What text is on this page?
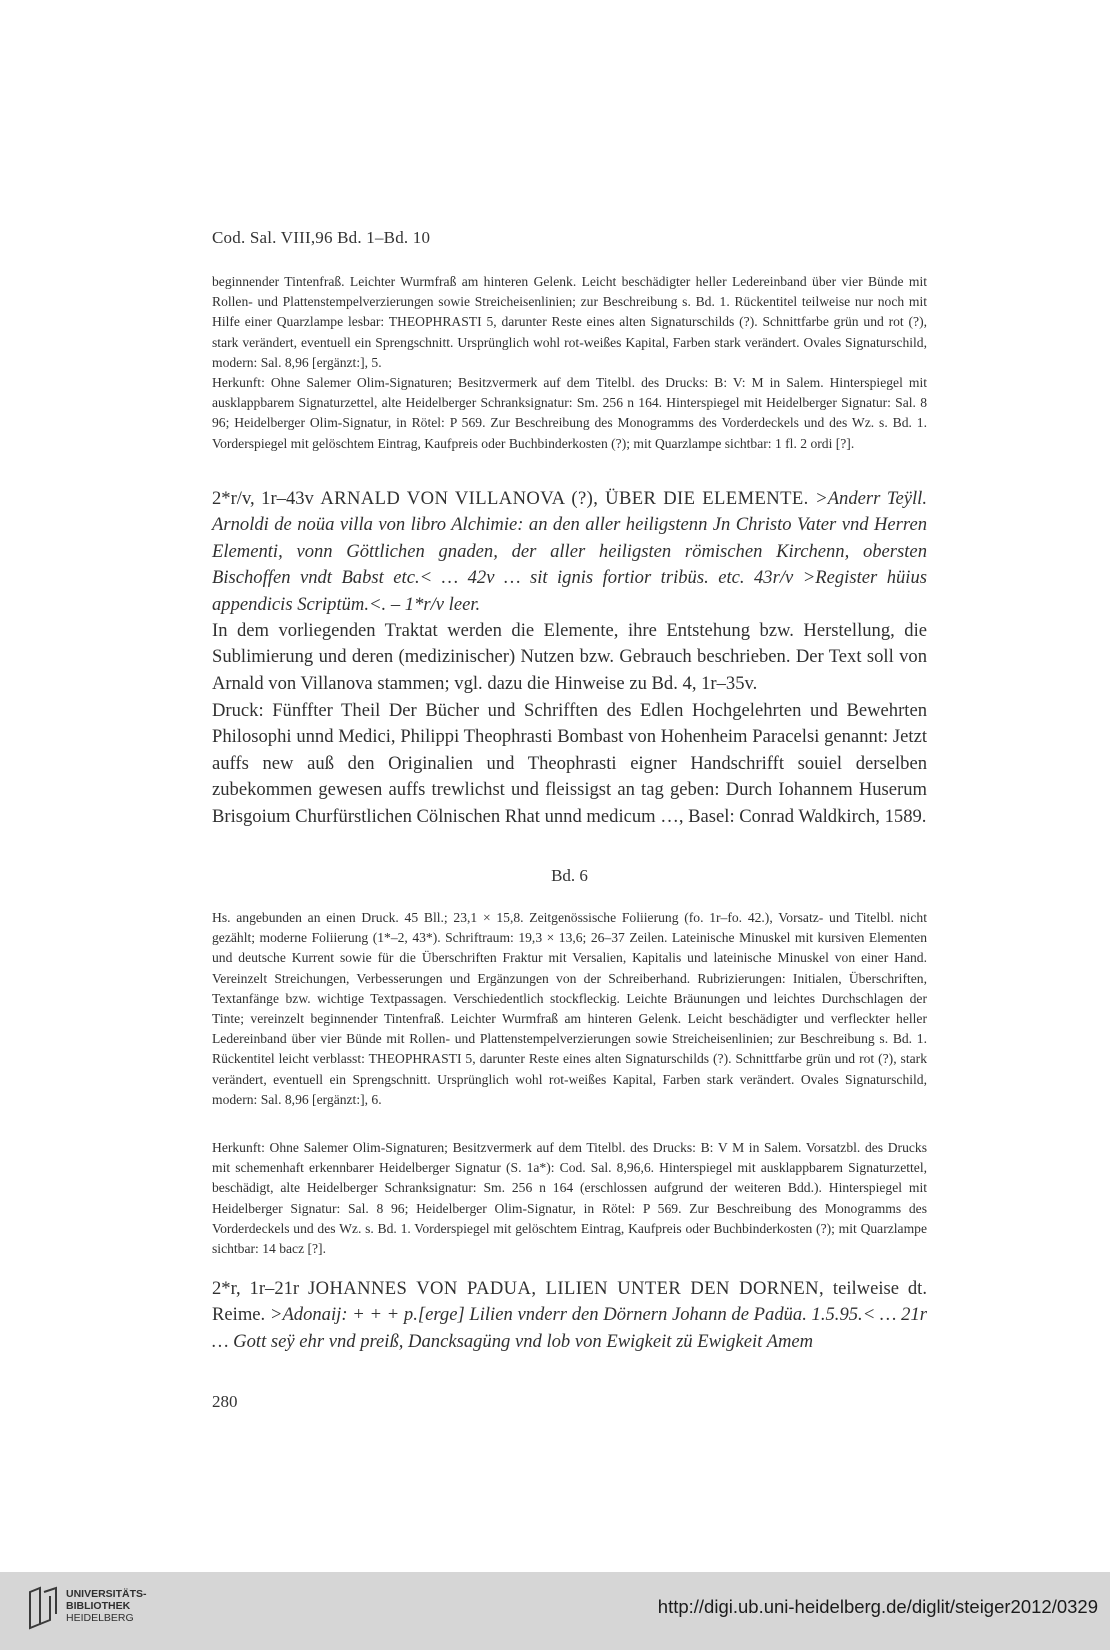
Cod. Sal. VIII,96 Bd. 1–Bd. 10

beginnender Tintenfraß. Leichter Wurmfraß am hinteren Gelenk. Leicht beschädigter heller Ledereinband über vier Bünde mit Rollen- und Plattenstempelverzierungen sowie Streicheisenlinien; zur Beschreibung s. Bd. 1. Rückentitel teilweise nur noch mit Hilfe einer Quarzlampe lesbar: THEOPHRASTI 5, darunter Reste eines alten Signaturschilds (?). Schnittfarbe grün und rot (?), stark verändert, eventuell ein Sprengschnitt. Ursprünglich wohl rot-weißes Kapital, Farben stark verändert. Ovales Signaturschild, modern: Sal. 8,96 [ergänzt:], 5.

Herkunft: Ohne Salemer Olim-Signaturen; Besitzvermerk auf dem Titelbl. des Drucks: B: V: M in Salem. Hinterspiegel mit ausklappbarem Signaturzettel, alte Heidelberger Schranksignatur: Sm. 256 n 164. Hinterspiegel mit Heidelberger Signatur: Sal. 8 96; Heidelberger Olim-Signatur, in Rötel: P 569. Zur Beschreibung des Monogramms des Vorderdeckels und des Wz. s. Bd. 1. Vorderspiegel mit gelöschtem Eintrag, Kaufpreis oder Buchbinderkosten (?); mit Quarzlampe sichtbar: 1 fl. 2 ordi [?].

2*r/v, 1r–43v ARNALD VON VILLANOVA (?), ÜBER DIE ELEMENTE. >Anderr Teÿll. Arnoldi de noüa villa von libro Alchimie: an den aller heiligstenn Jn Christo Vater vnd Herren Elementi, vonn Göttlichen gnaden, der aller heiligsten römischen Kirchenn, obersten Bischoffen vndt Babst etc.< … 42v … sit ignis fortior tribüs. etc. 43r/v >Register hüius appendicis Scriptüm.<. – 1*r/v leer.

In dem vorliegenden Traktat werden die Elemente, ihre Entstehung bzw. Herstellung, die Sublimierung und deren (medizinischer) Nutzen bzw. Gebrauch beschrieben. Der Text soll von Arnald von Villanova stammen; vgl. dazu die Hinweise zu Bd. 4, 1r–35v.

Druck: Fünffter Theil Der Bücher und Schrifften des Edlen Hochgelehrten und Bewehrten Philosophi unnd Medici, Philippi Theophrasti Bombast von Hohenheim Paracelsi genannt: Jetzt auffs new auß den Originalien und Theophrasti eigner Handschrifft souiel derselben zubekommen gewesen auffs trewlichst und fleissigst an tag geben: Durch Iohannem Huserum Brisgoium Churfürstlichen Cölnischen Rhat unnd medicum …, Basel: Conrad Waldkirch, 1589.

Bd. 6

Hs. angebunden an einen Druck. 45 Bll.; 23,1 × 15,8. Zeitgenössische Foliierung (fo. 1r–fo. 42.), Vorsatz- und Titelbl. nicht gezählt; moderne Foliierung (1*–2, 43*). Schriftraum: 19,3 × 13,6; 26–37 Zeilen. Lateinische Minuskel mit kursiven Elementen und deutsche Kurrent sowie für die Überschriften Fraktur mit Versalien, Kapitalis und lateinische Minuskel von einer Hand. Vereinzelt Streichungen, Verbesserungen und Ergänzungen von der Schreiberhand. Rubrizierungen: Initialen, Überschriften, Textanfänge bzw. wichtige Textpassagen. Verschiedentlich stockfleckig. Leichte Bräunungen und leichtes Durchschlagen der Tinte; vereinzelt beginnender Tintenfraß. Leichter Wurmfraß am hinteren Gelenk. Leicht beschädigter und verfleckter heller Ledereinband über vier Bünde mit Rollen- und Plattenstempelverzierungen sowie Streicheisenlinien; zur Beschreibung s. Bd. 1. Rückentitel leicht verblasst: THEOPHRASTI 5, darunter Reste eines alten Signaturschilds (?). Schnittfarbe grün und rot (?), stark verändert, eventuell ein Sprengschnitt. Ursprünglich wohl rot-weißes Kapital, Farben stark verändert. Ovales Signaturschild, modern: Sal. 8,96 [ergänzt:], 6.

Herkunft: Ohne Salemer Olim-Signaturen; Besitzvermerk auf dem Titelbl. des Drucks: B: V M in Salem. Vorsatzbl. des Drucks mit schemenhaft erkennbarer Heidelberger Signatur (S. 1a*): Cod. Sal. 8,96,6. Hinterspiegel mit ausklappbarem Signaturzettel, beschädigt, alte Heidelberger Schranksignatur: Sm. 256 n 164 (erschlossen aufgrund der weiteren Bdd.). Hinterspiegel mit Heidelberger Signatur: Sal. 8 96; Heidelberger Olim-Signatur, in Rötel: P 569. Zur Beschreibung des Monogramms des Vorderdeckels und des Wz. s. Bd. 1. Vorderspiegel mit gelöschtem Eintrag, Kaufpreis oder Buchbinderkosten (?); mit Quarzlampe sichtbar: 14 bacz [?].

2*r, 1r–21r JOHANNES VON PADUA, LILIEN UNTER DEN DORNEN, teilweise dt. Reime. >Adonaij: + + + p.[erge] Lilien vnderr den Dörnern Johann de Padüa. 1.5.95.< … 21r … Gott seÿ ehr vnd preiß, Dancksagüng vnd lob von Ewigkeit zü Ewigkeit Amem

280
UNIVERSITÄTS-
BIBLIOTHEK
HEIDELBERG
http://digi.ub.uni-heidelberg.de/diglit/steiger2012/0329
